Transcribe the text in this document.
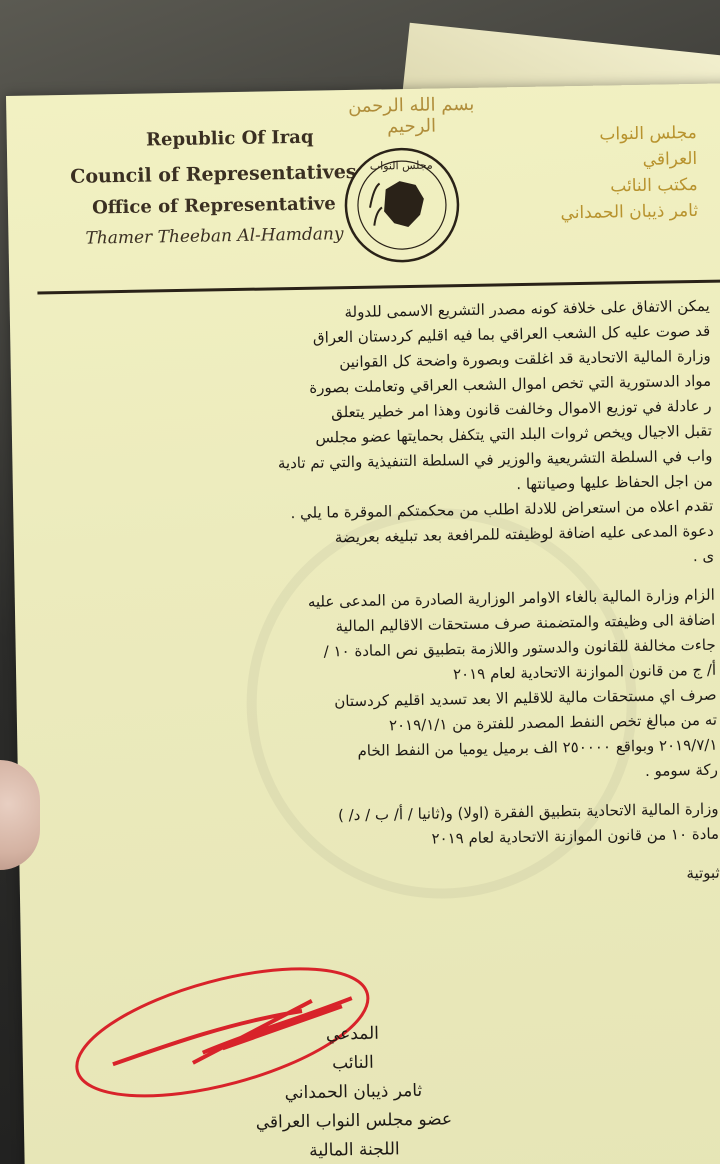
بسم الله الرحمن الرحيم
Republic Of Iraq
Council of Representatives
Office of Representative
Thamer Theeban Al-Hamdany
مجلس النواب
مجلس النواب العراقي
مكتب النائب
ثامر ذيبان الحمداني
يمكن الاتفاق على خلافة كونه مصدر التشريع الاسمى للدولة
قد صوت عليه كل الشعب العراقي بما فيه اقليم كردستان العراق
وزارة المالية الاتحادية قد اغلقت وبصورة واضحة كل القوانين
مواد الدستورية التي تخص اموال الشعب العراقي وتعاملت بصورة
ر عادلة في توزيع الاموال وخالفت قانون وهذا امر خطير يتعلق
تقبل الاجيال ويخص ثروات البلد التي يتكفل بحمايتها عضو مجلس
واب في السلطة التشريعية والوزير في السلطة التنفيذية والتي تم تادية
من اجل الحفاظ عليها وصيانتها .
تقدم اعلاه من استعراض للادلة اطلب من محكمتكم الموقرة ما يلي .
دعوة المدعى عليه اضافة لوظيفته للمرافعة بعد تبليغه بعريضة
ى .
الزام وزارة المالية بالغاء الاوامر الوزارية الصادرة من المدعى عليه
اضافة الى وظيفته والمتضمنة صرف مستحقات الاقاليم المالية
جاءت مخالفة للقانون والدستور واللازمة بتطبيق نص المادة ١٠ /
أ/ ج من قانون الموازنة الاتحادية لعام ٢٠١٩
صرف اي مستحقات مالية للاقليم الا بعد تسديد اقليم كردستان
ته من مبالغ تخص النفط المصدر للفترة من ٢٠١٩/١/١
٢٠١٩/٧/١ وبواقع ٢٥٠٠٠٠ الف برميل يوميا من النفط الخام
ركة سومو .
وزارة المالية الاتحادية بتطبيق الفقرة (اولا) و(ثانيا / أ/ ب / د/ )
مادة ١٠ من قانون الموازنة الاتحادية لعام ٢٠١٩
ثبوتية
المدعي
النائب
ثامر ذيبان الحمداني
عضو مجلس النواب العراقي
اللجنة المالية
